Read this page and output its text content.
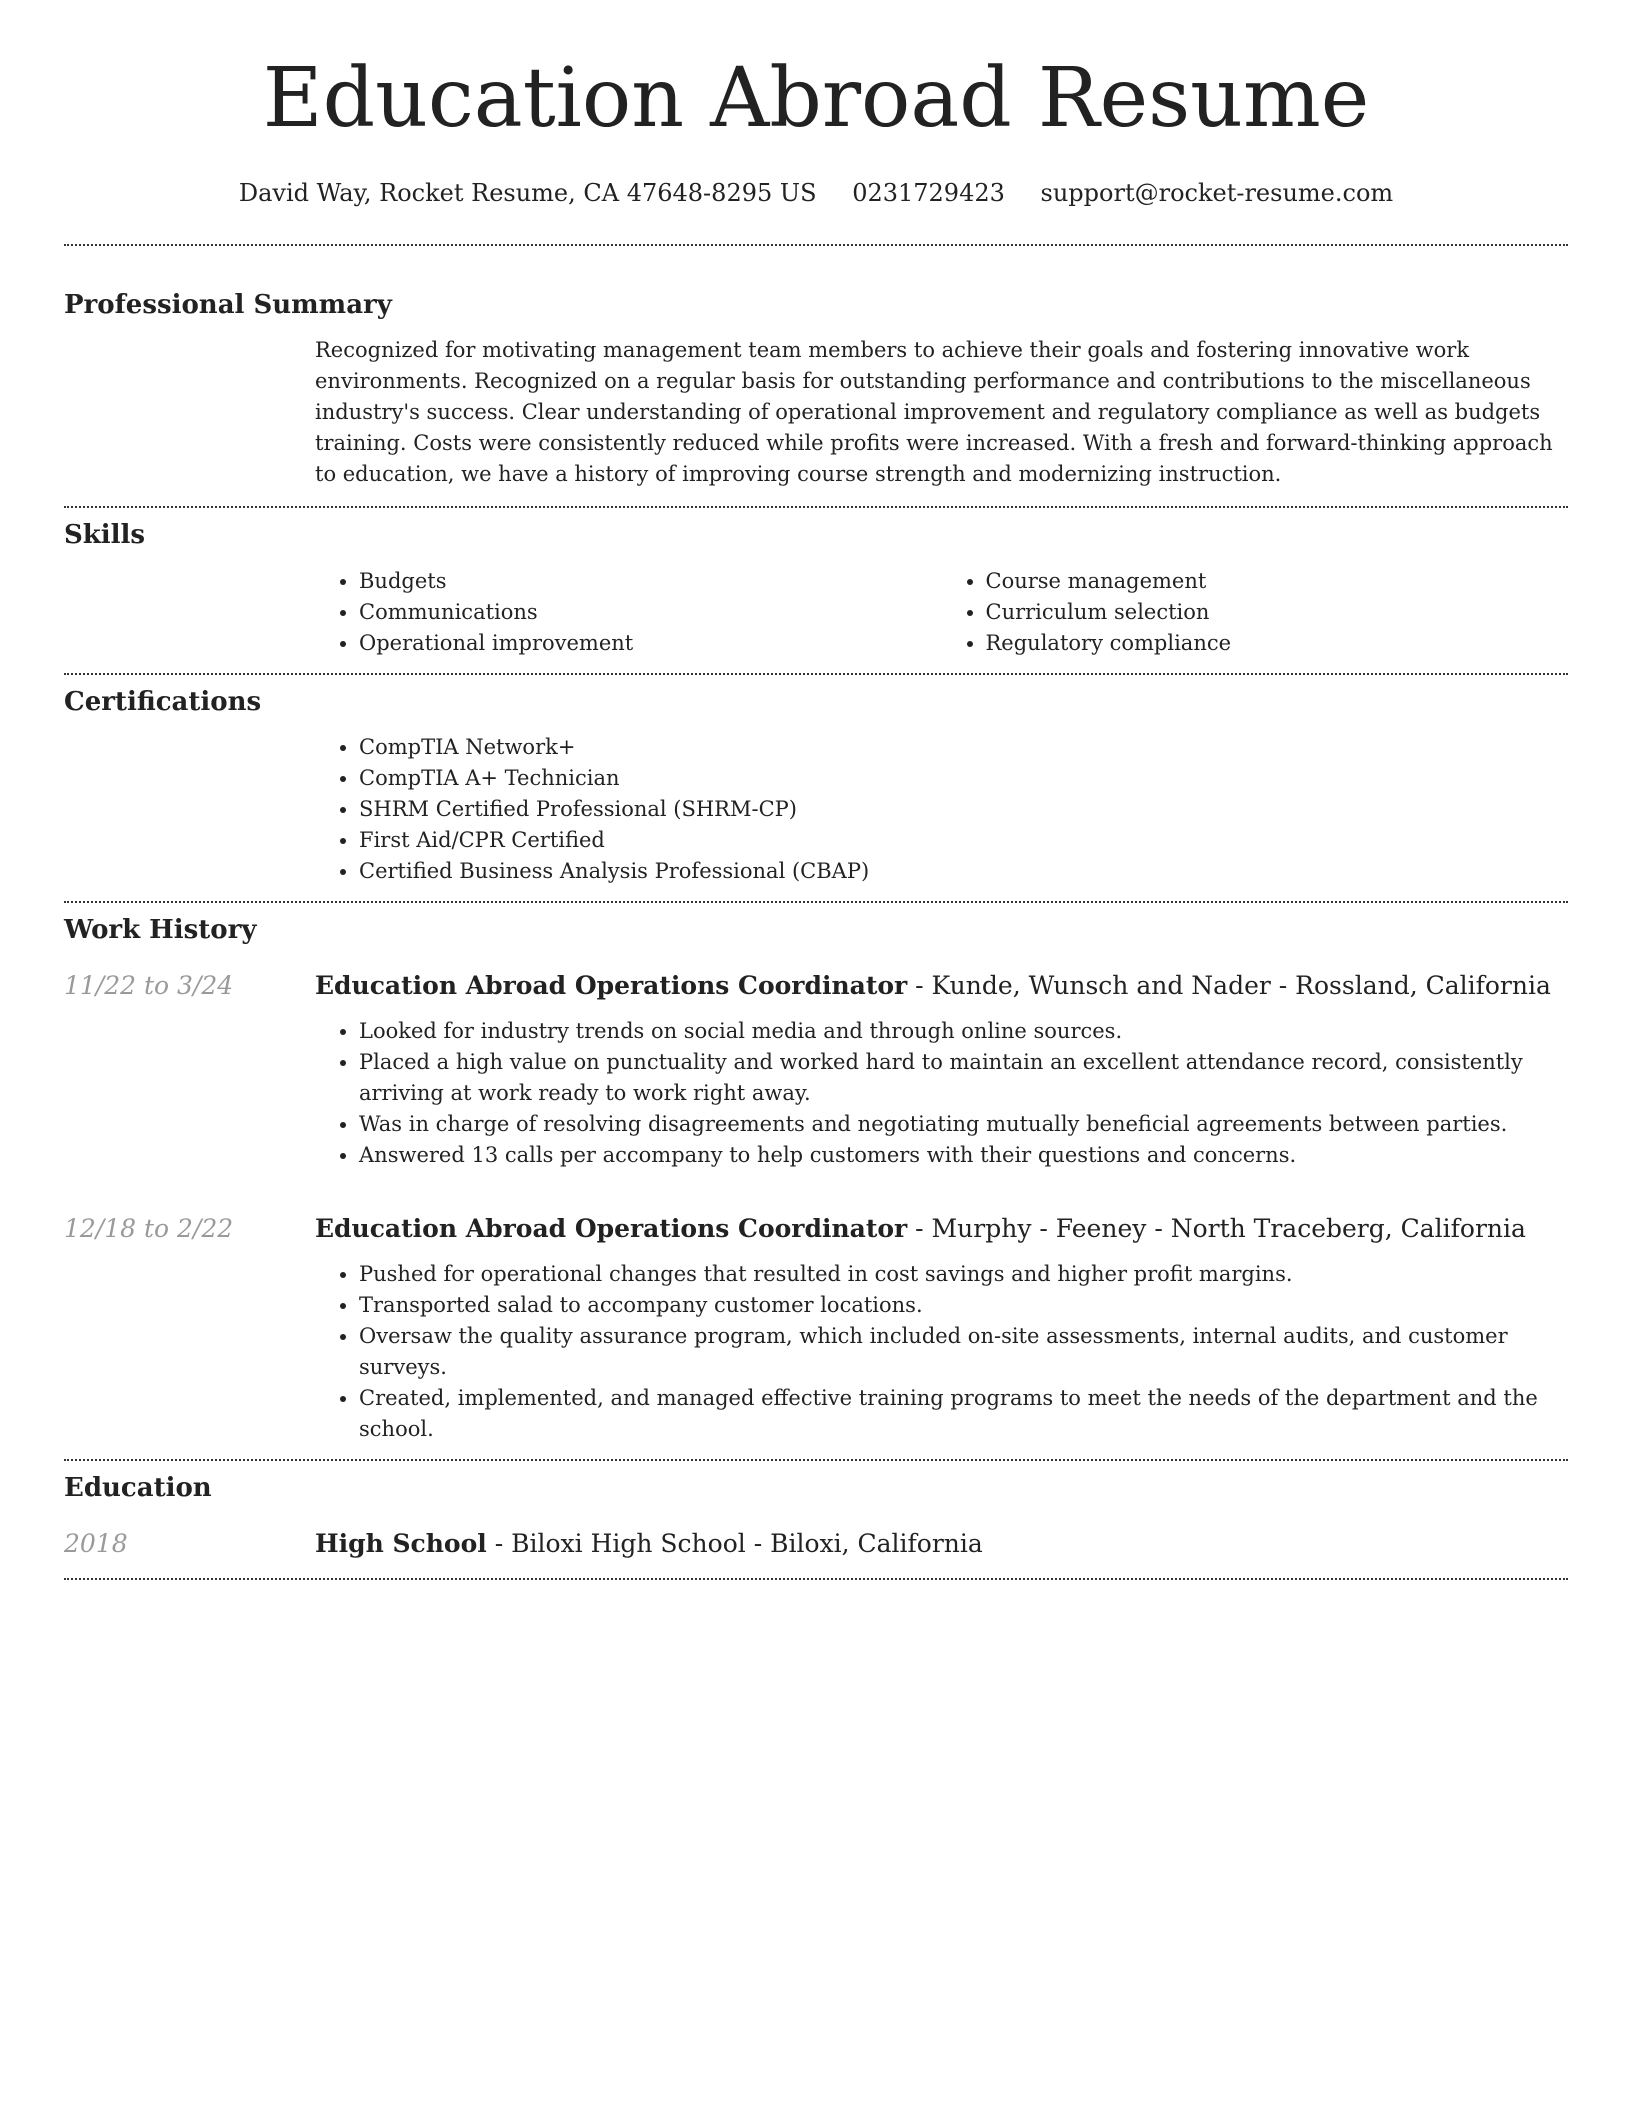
Education Abroad Resume
David Way, Rocket Resume, CA 47648-8295 US 0231729423 support@rocket-resume.com
Professional Summary

Recognized for motivating management team members to achieve their goals and fostering innovative work environments. Recognized on a regular basis for outstanding performance and contributions to the miscellaneous industry's success. Clear understanding of operational improvement and regulatory compliance as well as budgets training. Costs were consistently reduced while profits were increased. With a fresh and forward-thinking approach to education, we have a history of improving course strength and modernizing instruction.

Skills
• Budgets
• Communications
• Operational improvement
• Course management
• Curriculum selection
• Regulatory compliance
Certifications
• CompTIA Network+
• CompTIA A+ Technician
• SHRM Certified Professional (SHRM-CP)
• First Aid/CPR Certified
• Certified Business Analysis Professional (CBAP)
Work History
11/22 to 3/24	Education Abroad Operations Coordinator - Kunde, Wunsch and Nader - Rossland, California
• Looked for industry trends on social media and through online sources.
• Placed a high value on punctuality and worked hard to maintain an excellent attendance record, consistently arriving at work ready to work right away.
• Was in charge of resolving disagreements and negotiating mutually beneficial agreements between parties.
• Answered 13 calls per accompany to help customers with their questions and concerns.
12/18 to 2/22	Education Abroad Operations Coordinator - Murphy - Feeney - North Traceberg, California
• Pushed for operational changes that resulted in cost savings and higher profit margins.
• Transported salad to accompany customer locations.
• Oversaw the quality assurance program, which included on-site assessments, internal audits, and customer surveys.
• Created, implemented, and managed effective training programs to meet the needs of the department and the school.
Education
2018	High School - Biloxi High School - Biloxi, California
